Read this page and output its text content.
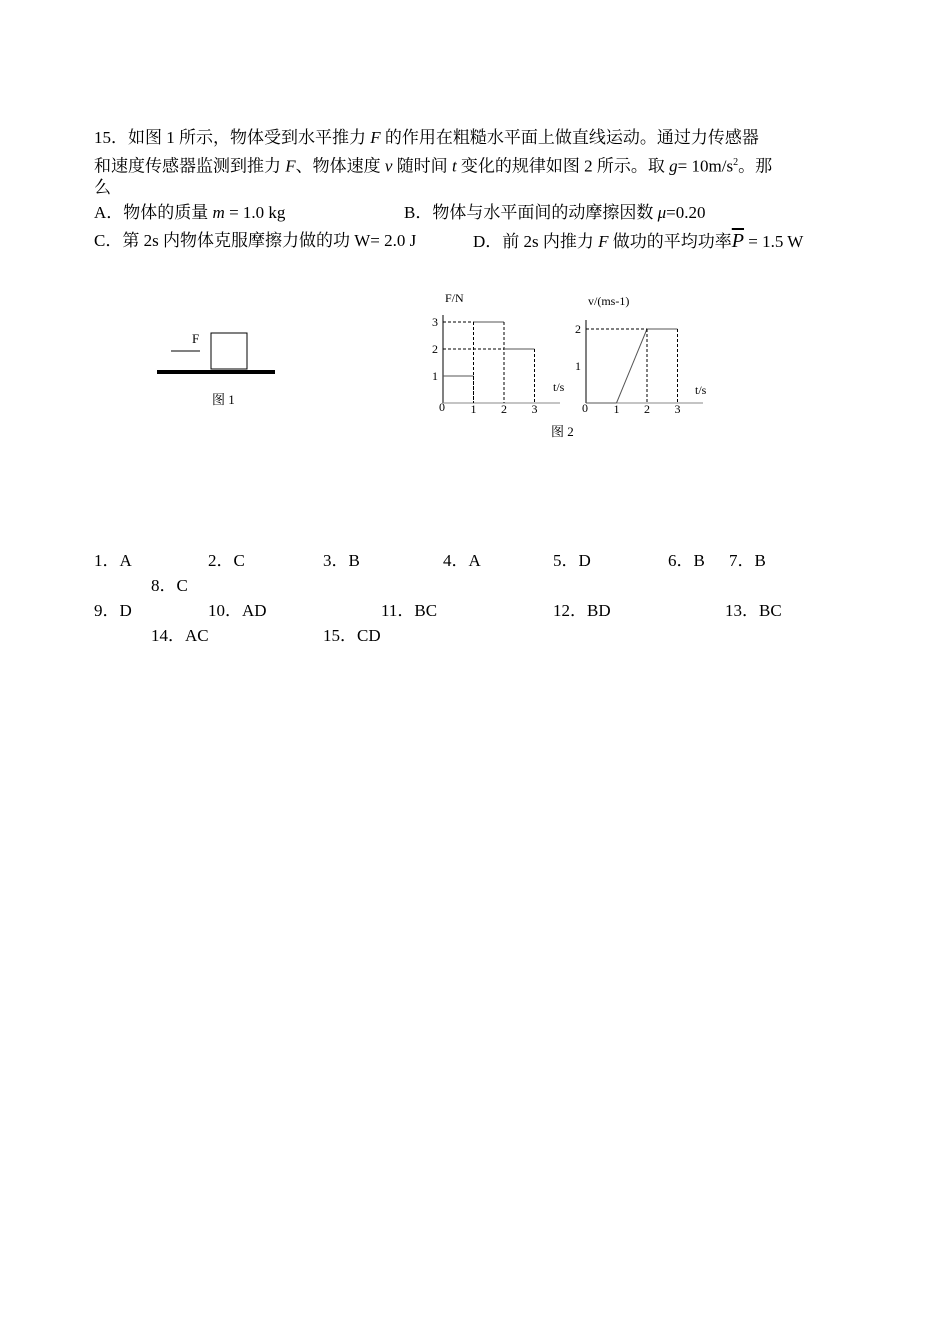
15．如图 1 所示，物体受到水平推力 F 的作用在粗糙水平面上做直线运动。通过力传感器
和速度传感器监测到推力 F、物体速度 v 随时间 t 变化的规律如图 2 所示。取 $g= 10m/s^2$。那
么
A．物体的质量 m = 1.0 kg	B．物体与水平面间的动摩擦因数 μ=0.20
C．第 2s 内物体克服摩擦力做的功 W= 2.0 J	D．前 2s 内推力 F 做功的平均功率$\overline{P} = 1.5$ W
F
图 1
F/N
t/s
0
1
2
3
1 2 3
v/(ms-1)
t/s
0
1
2
1 2 3
图 2
1．A	2．C	3．B	4．A	5．D	6．B 7．B
8．C
9．D	10．AD	11．BC	12．BD	13．BC
14．AC	15．CD
